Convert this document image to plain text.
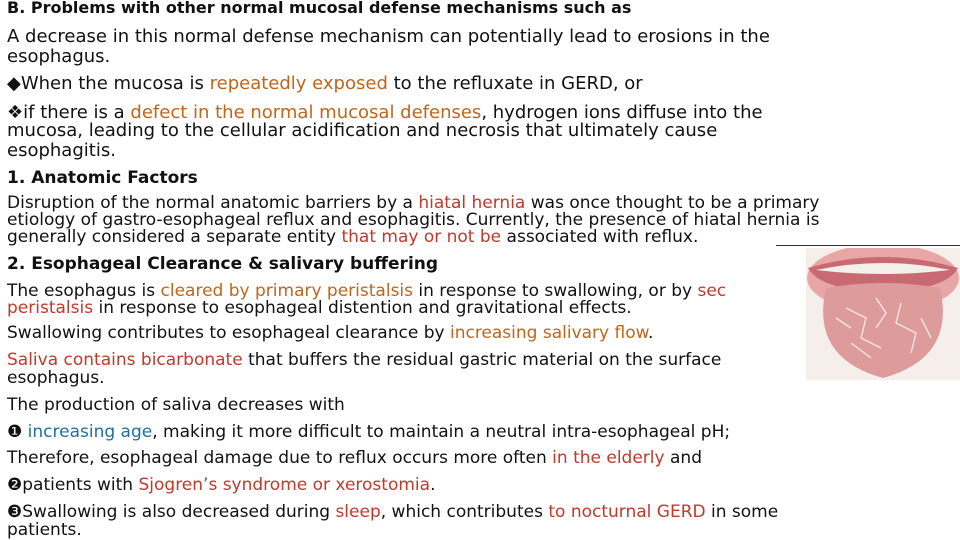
B. Problems with other normal mucosal defense mechanisms such as
A decrease in this normal defense mechanism can potentially lead to erosions in the
esophagus.
◆When the mucosa is repeatedly exposed to the refluxate in GERD, or
❖if there is a defect in the normal mucosal defenses, hydrogen ions diffuse into the
mucosa, leading to the cellular acidification and necrosis that ultimately cause
esophagitis.
1. Anatomic Factors
Disruption of the normal anatomic barriers by a hiatal hernia was once thought to be a primary
etiology of gastro-esophageal reflux and esophagitis. Currently, the presence of hiatal hernia is
generally considered a separate entity that may or not be associated with reflux.
2. Esophageal Clearance & salivary buffering
The esophagus is cleared by primary peristalsis in response to swallowing, or by sec
peristalsis in response to esophageal distention and gravitational effects.
Swallowing contributes to esophageal clearance by increasing salivary flow.
Saliva contains bicarbonate that buffers the residual gastric material on the surface
esophagus.
The production of saliva decreases with
❶ increasing age, making it more difficult to maintain a neutral intra-esophageal pH;
Therefore, esophageal damage due to reflux occurs more often in the elderly and
❷patients with Sjogren’s syndrome or xerostomia.
❸Swallowing is also decreased during sleep, which contributes to nocturnal GERD in some
patients.
